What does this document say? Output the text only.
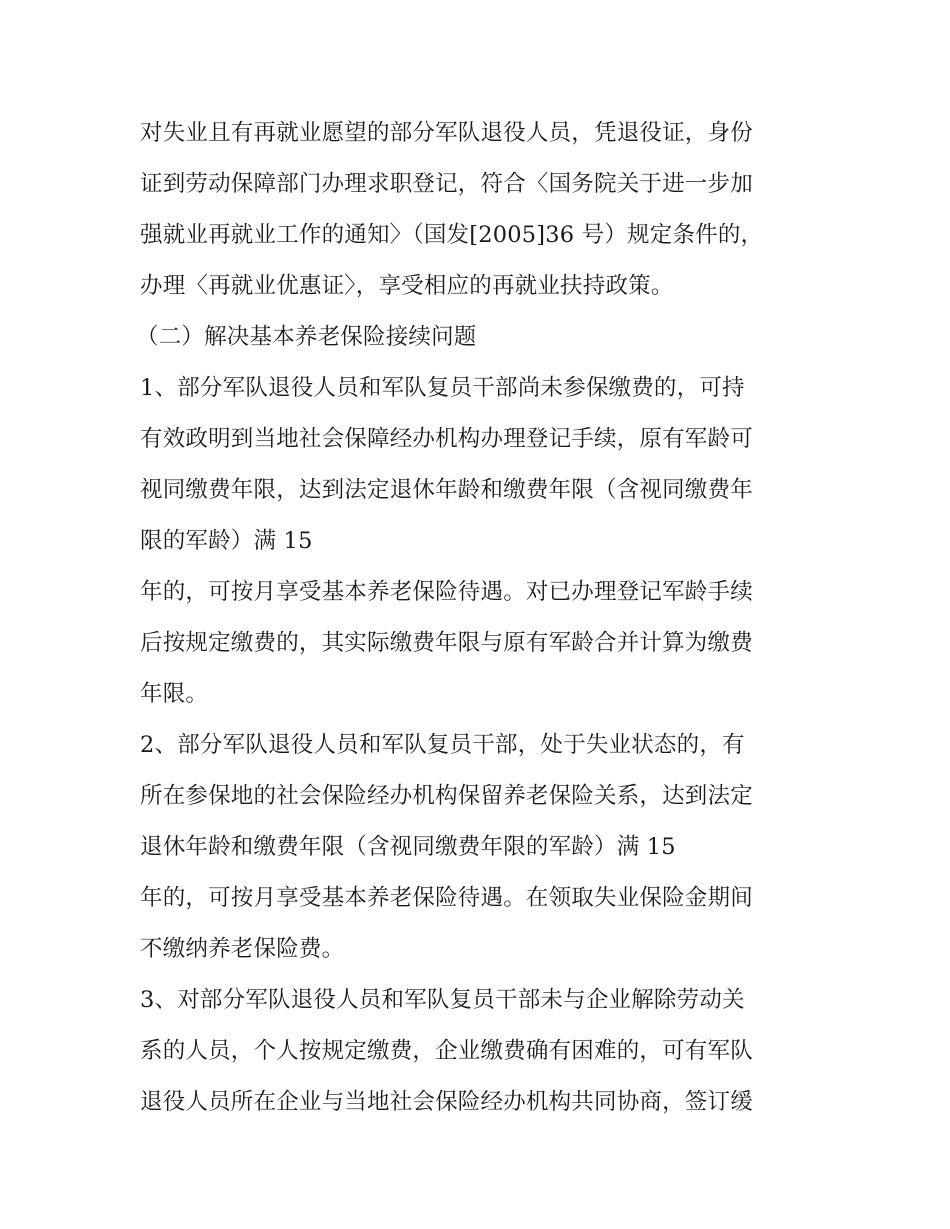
对失业且有再就业愿望的部分军队退役人员，凭退役证，身份
证到劳动保障部门办理求职登记，符合〈国务院关于进一步加
强就业再就业工作的通知〉（国发[2005]36 号）规定条件的，
办理〈再就业优惠证〉，享受相应的再就业扶持政策。
（二）解决基本养老保险接续问题
1、部分军队退役人员和军队复员干部尚未参保缴费的，可持
有效政明到当地社会保障经办机构办理登记手续，原有军龄可
视同缴费年限，达到法定退休年龄和缴费年限（含视同缴费年
限的军龄）满 15
年的，可按月享受基本养老保险待遇。对已办理登记军龄手续
后按规定缴费的，其实际缴费年限与原有军龄合并计算为缴费
年限。
2、部分军队退役人员和军队复员干部，处于失业状态的，有
所在参保地的社会保险经办机构保留养老保险关系，达到法定
退休年龄和缴费年限（含视同缴费年限的军龄）满 15
年的，可按月享受基本养老保险待遇。在领取失业保险金期间
不缴纳养老保险费。
3、对部分军队退役人员和军队复员干部未与企业解除劳动关
系的人员，个人按规定缴费，企业缴费确有困难的，可有军队
退役人员所在企业与当地社会保险经办机构共同协商，签订缓
